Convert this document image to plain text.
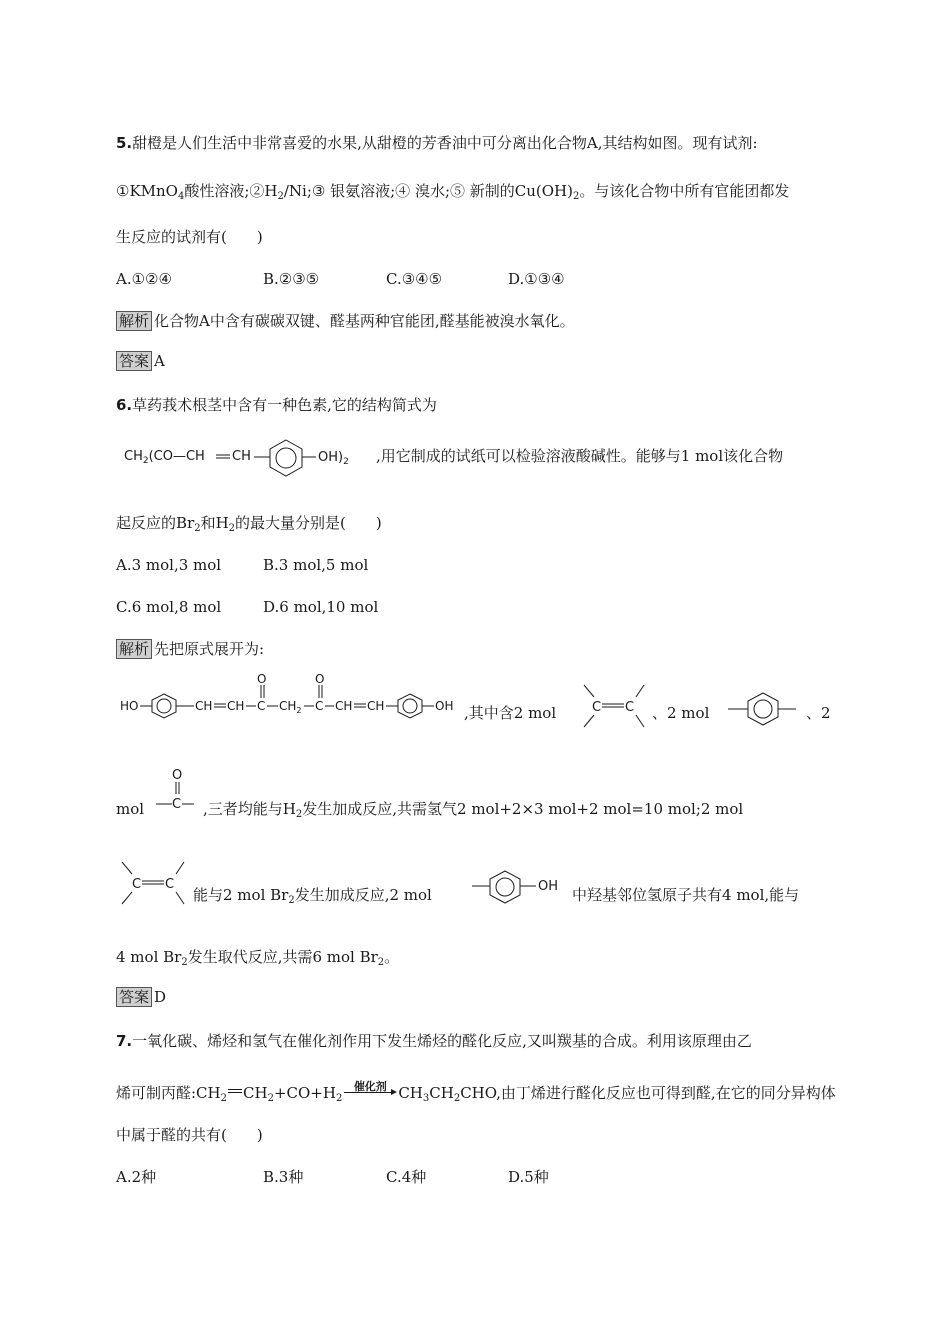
5.甜橙是人们生活中非常喜爱的水果,从甜橙的芳香油中可分离出化合物A,其结构如图。现有试剂:
①KMnO$_4$酸性溶液$;②H_2/Ni;③$ 银氨溶液;④ 溴水;⑤ 新制的$Cu(OH)_2$。与该化合物中所有官能团都发
生反应的试剂有(　　)
A.①②④	B.②③⑤	C.③④⑤	D.①③④
解析 化合物A中含有碳碳双键、醛基两种官能团,醛基能被溴水氧化。
答案 A
6.草药莪术根茎中含有一种色素,它的结构简式为
$CH_2(CO—CH$ CH	$OH)_2$ ,用它制成的试纸可以检验溶液酸碱性。能够与1 mol该化合物
起反应的$Br_2$和$H_2$的最大量分别是(　　)
A.3 mol,3 mol	B.3 mol,5 mol
C.6 mol,8 mol	D.6 mol,10 mol
解析 先把原式展开为:
HO	CH CH C
O
$CH_2$ C
O
CH CH	OH ,其中含2 mol	C C 、2 mol	、2
mol
O
C ,三者均能与$H_2$发生加成反应,共需氢气2 mol+2×3 mol+2 mol=10 mol;2 mol
C C
能与2 mol $Br_2$发生加成反应,2 mol	OH 中羟基邻位氢原子共有4 mol,能与
4 mol $Br_2$发生取代反应,共需6 mol $Br_2$。
答案 D
7.一氧化碳、烯烃和氢气在催化剂作用下发生烯烃的醛化反应,又叫羰基的合成。利用该原理由乙
烯可制丙醛$:CH_2$ $CH_2+CO+H_2$
催化剂 $CH_3CH_2CHO$,由丁烯进行醛化反应也可得到醛,在它的同分异构体
中属于醛的共有(　　)
A.2种	B.3种	C.4种	D.5种
